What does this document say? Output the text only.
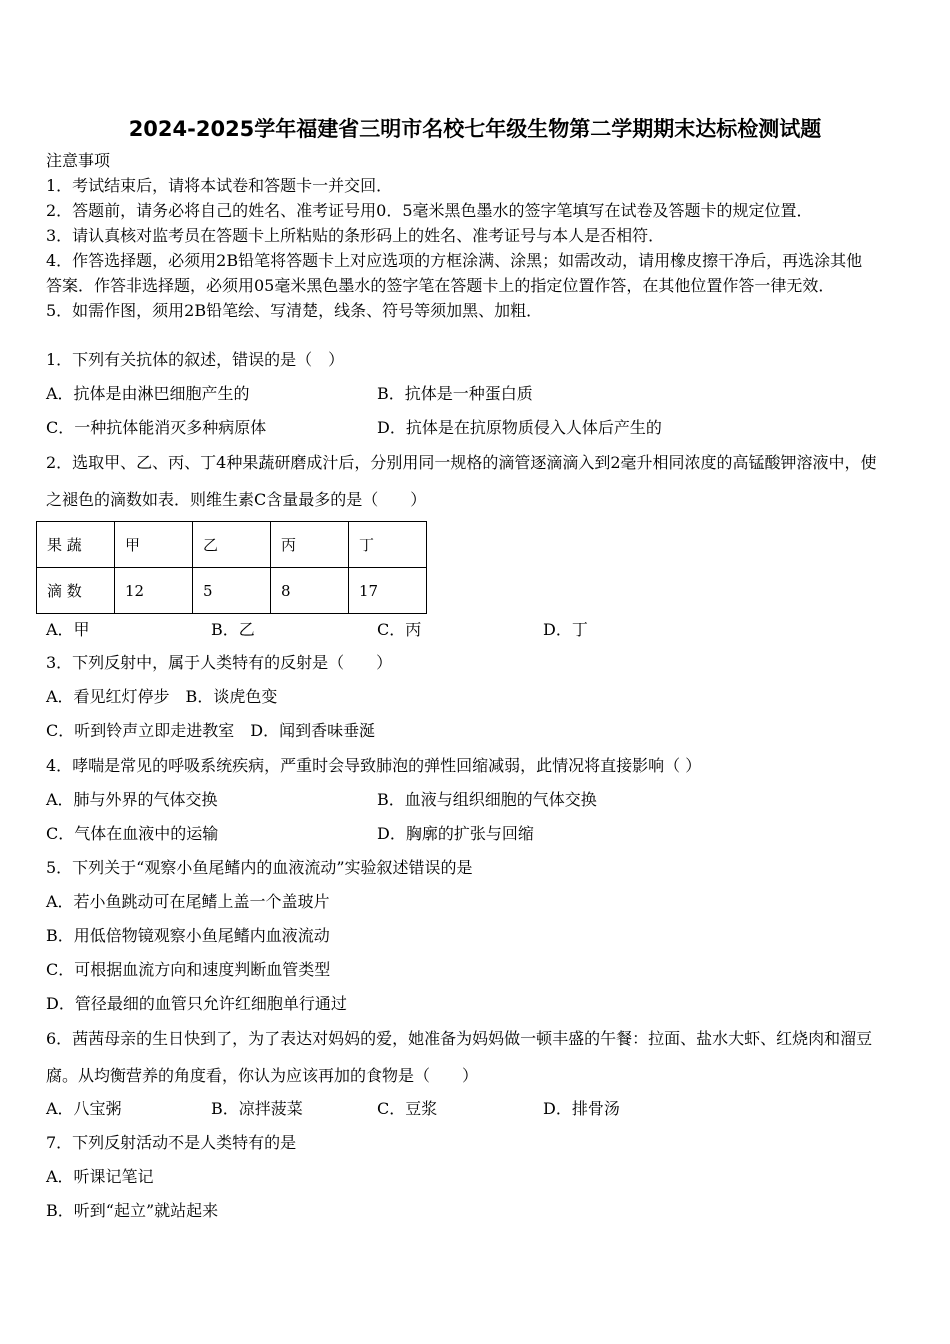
2024-2025学年福建省三明市名校七年级生物第二学期期末达标检测试题
注意事项
1．考试结束后，请将本试卷和答题卡一并交回．
2．答题前，请务必将自己的姓名、准考证号用0．5毫米黑色墨水的签字笔填写在试卷及答题卡的规定位置．
3．请认真核对监考员在答题卡上所粘贴的条形码上的姓名、准考证号与本人是否相符．
4．作答选择题，必须用2B铅笔将答题卡上对应选项的方框涂满、涂黑；如需改动，请用橡皮擦干净后，再选涂其他
答案．作答非选择题，必须用05毫米黑色墨水的签字笔在答题卡上的指定位置作答，在其他位置作答一律无效．
5．如需作图，须用2B铅笔绘、写清楚，线条、符号等须加黑、加粗．
1．下列有关抗体的叙述，错误的是（　）
A．抗体是由淋巴细胞产生的	B．抗体是一种蛋白质
C．一种抗体能消灭多种病原体	D．抗体是在抗原物质侵入人体后产生的
2．选取甲、乙、丙、丁4种果蔬研磨成汁后，分别用同一规格的滴管逐滴滴入到2毫升相同浓度的高锰酸钾溶液中，使
之褪色的滴数如表．则维生素C含量最多的是（　　）
果 蔬	甲	乙	丙	丁
滴 数	12	5	8	17
A．甲	B．乙	C．丙	D．丁
3．下列反射中，属于人类特有的反射是（　　）
A．看见红灯停步　B．谈虎色变
C．听到铃声立即走进教室　D．闻到香味垂涎
4．哮喘是常见的呼吸系统疾病，严重时会导致肺泡的弹性回缩减弱，此情况将直接影响（ ）
A．肺与外界的气体交换	B．血液与组织细胞的气体交换
C．气体在血液中的运输	D．胸廓的扩张与回缩
5．下列关于“观察小鱼尾鳍内的血液流动”实验叙述错误的是
A．若小鱼跳动可在尾鳍上盖一个盖玻片
B．用低倍物镜观察小鱼尾鳍内血液流动
C．可根据血流方向和速度判断血管类型
D．管径最细的血管只允许红细胞单行通过
6．茜茜母亲的生日快到了，为了表达对妈妈的爱，她准备为妈妈做一顿丰盛的午餐：拉面、盐水大虾、红烧肉和溜豆
腐。从均衡营养的角度看，你认为应该再加的食物是（　　）
A．八宝粥	B．凉拌菠菜	C．豆浆	D．排骨汤
7．下列反射活动不是人类特有的是
A．听课记笔记
B．听到“起立”就站起来
